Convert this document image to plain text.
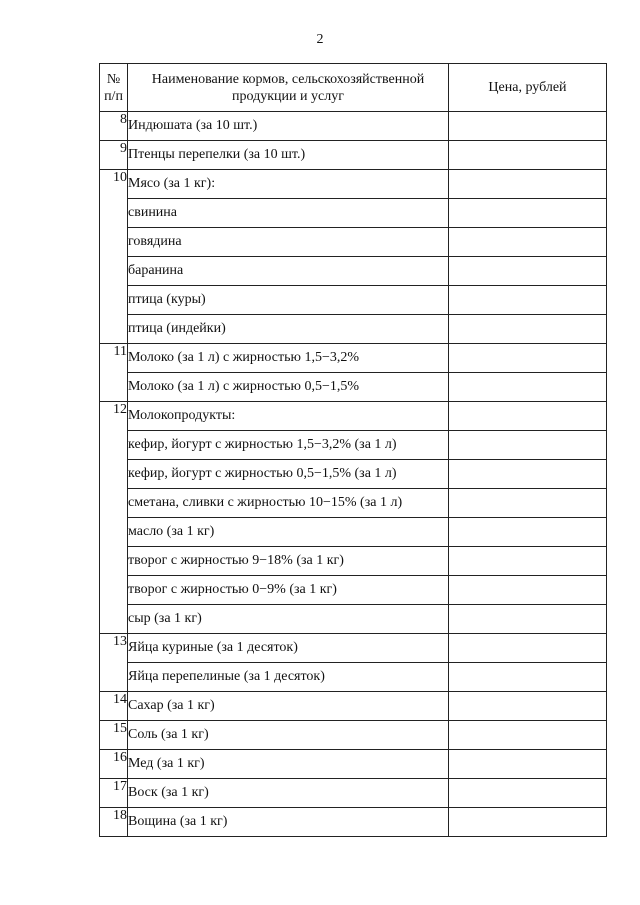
2
№ п/п	Наименование кормов, сельскохозяйственной продукции и услуг	Цена, рублей
8	Индюшата (за 10 шт.)	
9	Птенцы перепелки (за 10 шт.)	
10	Мясо (за 1 кг):	
	свинина	
	говядина	
	баранина	
	птица (куры)	
	птица (индейки)	
11	Молоко (за 1 л) с жирностью 1,5−3,2%	
	Молоко (за 1 л) с жирностью 0,5−1,5%	
12	Молокопродукты:	
	кефир, йогурт с жирностью 1,5−3,2% (за 1 л)	
	кефир, йогурт с жирностью 0,5−1,5% (за 1 л)	
	сметана, сливки с жирностью 10−15% (за 1 л)	
	масло (за 1 кг)	
	творог с жирностью 9−18% (за 1 кг)	
	творог с жирностью 0−9% (за 1 кг)	
	сыр (за 1 кг)	
13	Яйца куриные (за 1 десяток)	
	Яйца перепелиные (за 1 десяток)	
14	Сахар (за 1 кг)	
15	Соль (за 1 кг)	
16	Мед (за 1 кг)	
17	Воск (за 1 кг)	
18	Вощина (за 1 кг)	
